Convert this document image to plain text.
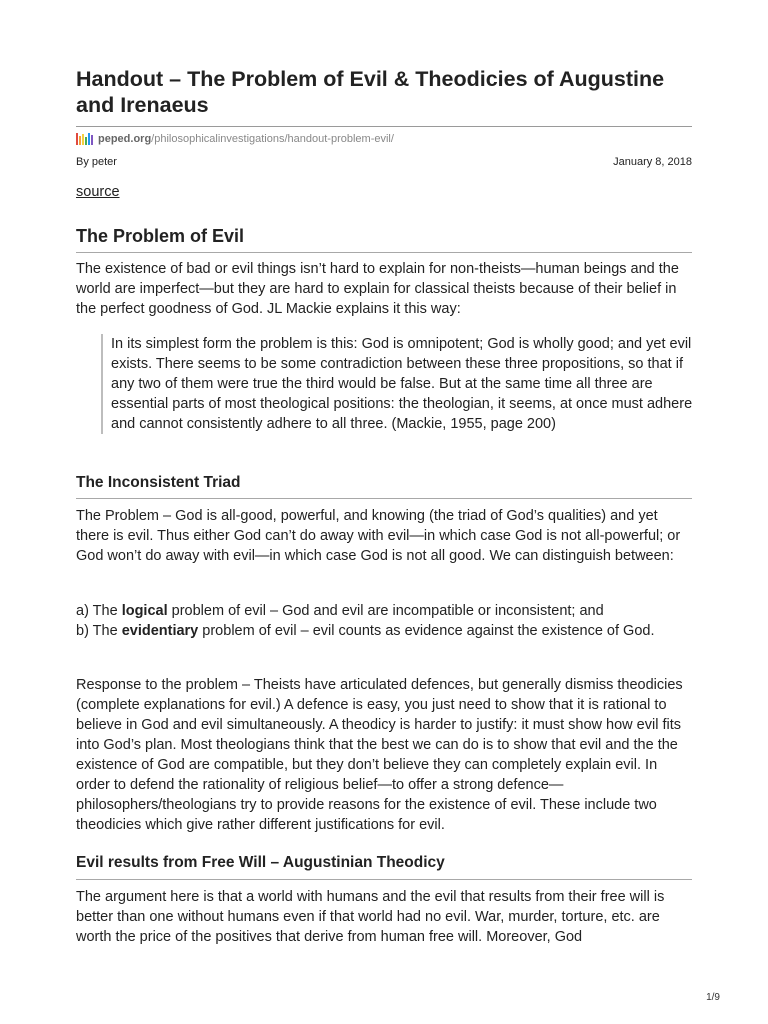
Handout – The Problem of Evil & Theodicies of Augustine and Irenaeus
peped.org /philosophicalinvestigations/handout-problem-evil/
By peter	January 8, 2018
source
The Problem of Evil

The existence of bad or evil things isn’t hard to explain for non-theists—human beings and the world are imperfect—but they are hard to explain for classical theists because of their belief in the perfect goodness of God. JL Mackie explains it this way:

In its simplest form the problem is this: God is omnipotent; God is wholly good; and yet evil exists. There seems to be some contradiction between these three propositions, so that if any two of them were true the third would be false. But at the same time all three are essential parts of most theological positions: the theologian, it seems, at once must adhere and cannot consistently adhere to all three. (Mackie, 1955, page 200)
The Inconsistent Triad

The Problem – God is all-good, powerful, and knowing (the triad of God’s qualities) and yet there is evil. Thus either God can’t do away with evil—in which case God is not all-powerful; or God won’t do away with evil—in which case God is not all good. We can distinguish between:

a) The logical problem of evil – God and evil are incompatible or inconsistent; and
b) The evidentiary problem of evil – evil counts as evidence against the existence of God.

Response to the problem – Theists have articulated defences, but generally dismiss theodicies (complete explanations for evil.) A defence is easy, you just need to show that it is rational to believe in God and evil simultaneously. A theodicy is harder to justify: it must show how evil fits into God’s plan. Most theologians think that the best we can do is to show that evil and the the existence of God are compatible, but they don’t believe they can completely explain evil. In order to defend the rationality of religious belief—to offer a strong defence—philosophers/theologians try to provide reasons for the existence of evil. These include two theodicies which give rather different justifications for evil.

Evil results from Free Will – Augustinian Theodicy

The argument here is that a world with humans and the evil that results from their free will is better than one without humans even if that world had no evil. War, murder, torture, etc. are worth the price of the positives that derive from human free will. Moreover, God

1/9
